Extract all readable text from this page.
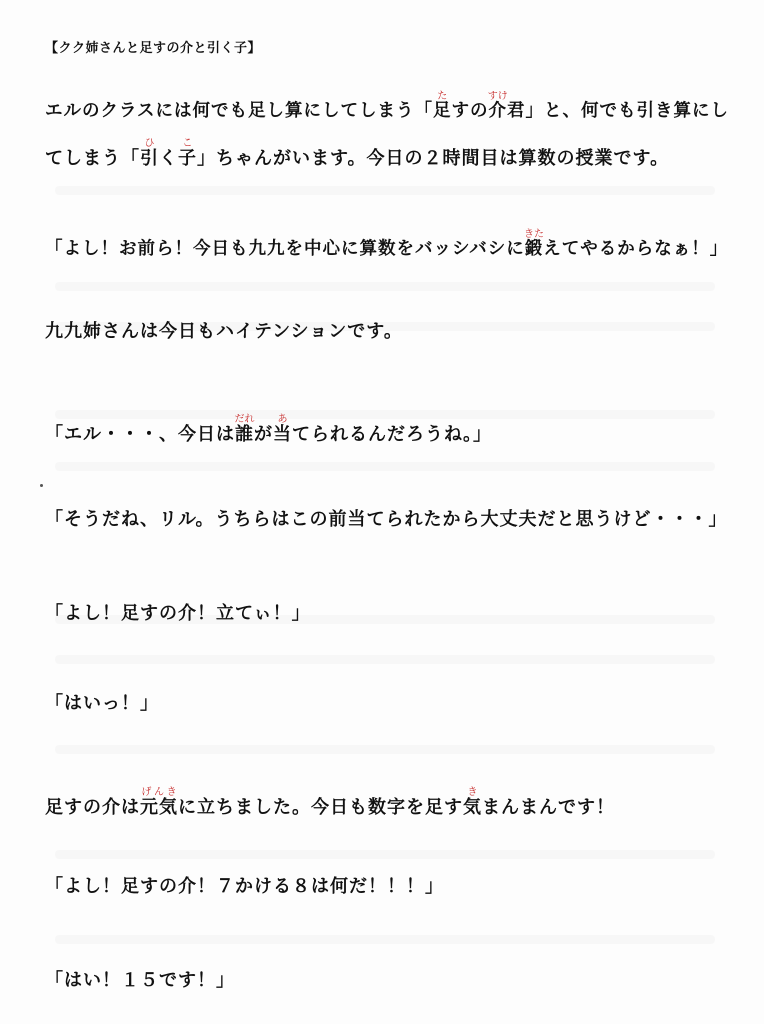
【クク姉さんと足すの介と引く子】
エルのクラスには何でも足し算にしてしまう「足たすの介すけ君」と、何でも引き算にし
てしまう「引ひく子こ」ちゃんがいます。今日の２時間目は算数の授業です。
「よし！お前ら！今日も九九を中心に算数をバッシバシに鍛きたえてやるからなぁ！」
九九姉さんは今日もハイテンションです。
「エル・・・、今日は誰だれが当あてられるんだろうね。」
「そうだね、リル。うちらはこの前当てられたから大丈夫だと思うけど・・・」
「よし！足すの介！立てぃ！」
「はいっ！」
足すの介は元気げんきに立ちました。今日も数字を足す気きまんまんです！
「よし！足すの介！７かける８は何だ！！！」
「はい！１５です！」
